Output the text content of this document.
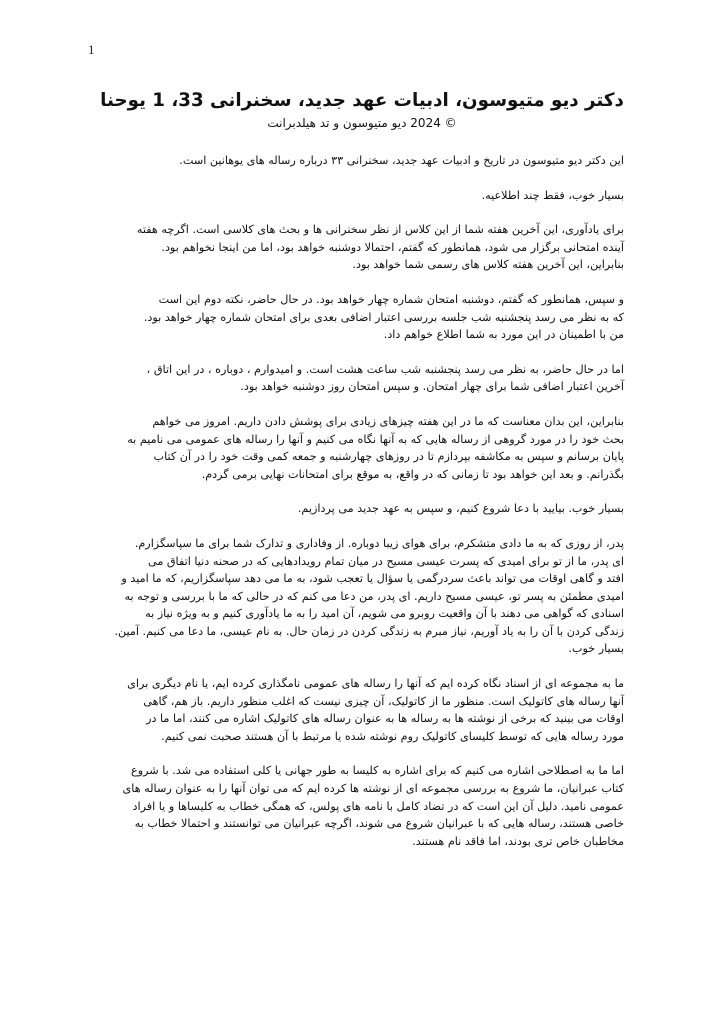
1
دکتر دیو متیوسون، ادبیات عهد جدید، سخنرانی 33، 1 یوحنا
© 2024 دیو متیوسون و تد هیلدبرانت
این دکتر دیو متیوسون در تاریخ و ادبیات عهد جدید، سخنرانی ۳۳ درباره رساله های یوهانین است.
بسیار خوب، فقط چند اطلاعیه.
برای یادآوری، این آخرین هفته شما از این کلاس از نظر سخنرانی ها و بحث های کلاسی است. اگرچه هفته
آینده امتحانی برگزار می شود، همانطور که گفتم، احتمالا دوشنبه خواهد بود، اما من اینجا نخواهم بود.
بنابراین، این آخرین هفته کلاس های رسمی شما خواهد بود.
و سپس، همانطور که گفتم، دوشنبه امتحان شماره چهار خواهد بود. در حال حاضر، نکته دوم این است
که به نظر می رسد پنجشنبه شب جلسه بررسی اعتبار اضافی بعدی برای امتحان شماره چهار خواهد بود.
من با اطمینان در این مورد به شما اطلاع خواهم داد.
اما در حال حاضر، به نظر می رسد پنجشنبه شب ساعت هشت است. و امیدوارم ، دوباره ، در این اتاق ،
آخرین اعتبار اضافی شما برای چهار امتحان. و سپس امتحان روز دوشنبه خواهد بود.
بنابراین، این بدان معناست که ما در این هفته چیزهای زیادی برای پوشش دادن داریم. امروز می خواهم
بحث خود را در مورد گروهی از رساله هایی که به آنها نگاه می کنیم و آنها را رساله های عمومی می نامیم به
پایان برسانم و سپس به مکاشفه بپردازم تا در روزهای چهارشنبه و جمعه کمی وقت خود را در آن کتاب
بگذرانم. و بعد این خواهد بود تا زمانی که در واقع، به موقع برای امتحانات نهایی برمی گردم.
بسیار خوب. بیایید با دعا شروع کنیم، و سپس به عهد جدید می پردازیم.
پدر، از روزی که به ما دادی متشکرم، برای هوای زیبا دوباره. از وفاداری و تدارک شما برای ما سپاسگزارم.
ای پدر، ما از تو برای امیدی که پسرت عیسی مسیح در میان تمام رویدادهایی که در صحنه دنیا اتفاق می
افتد و گاهی اوقات می تواند باعث سردرگمی یا سؤال یا تعجب شود، به ما می دهد سپاسگزاریم، که ما امید و
امیدی مطمئن به پسر تو، عیسی مسیح داریم. ای پدر، من دعا می کنم که در حالی که ما با بررسی و توجه به
اسنادی که گواهی می دهند با آن واقعیت روبرو می شویم، آن امید را به ما یادآوری کنیم و به ویژه نیاز به
زندگی کردن با آن را به یاد آوریم، نیاز مبرم به زندگی کردن در زمان حال. به نام عیسی، ما دعا می کنیم. آمین.
بسیار خوب.
ما به مجموعه ای از اسناد نگاه کرده ایم که آنها را رساله های عمومی نامگذاری کرده ایم، یا نام دیگری برای
آنها رساله های کاتولیک است. منظور ما از کاتولیک، آن چیزی نیست که اغلب منظور داریم. باز هم، گاهی
اوقات می بینید که برخی از نوشته ها به رساله ها به عنوان رساله های کاتولیک اشاره می کنند، اما ما در
مورد رساله هایی که توسط کلیسای کاتولیک روم نوشته شده یا مرتبط با آن هستند صحبت نمی کنیم.
اما ما به اصطلاحی اشاره می کنیم که برای اشاره به کلیسا به طور جهانی یا کلی استفاده می شد. با شروع
کتاب عبرانیان، ما شروع به بررسی مجموعه ای از نوشته ها کرده ایم که می توان آنها را به عنوان رساله های
عمومی نامید. دلیل آن این است که در تضاد کامل با نامه های پولس، که همگی خطاب به کلیساها و یا افراد
خاصی هستند، رساله هایی که با عبرانیان شروع می شوند، اگرچه عبرانیان می توانستند و احتمالا خطاب به
مخاطبان خاص تری بودند، اما فاقد نام هستند.
